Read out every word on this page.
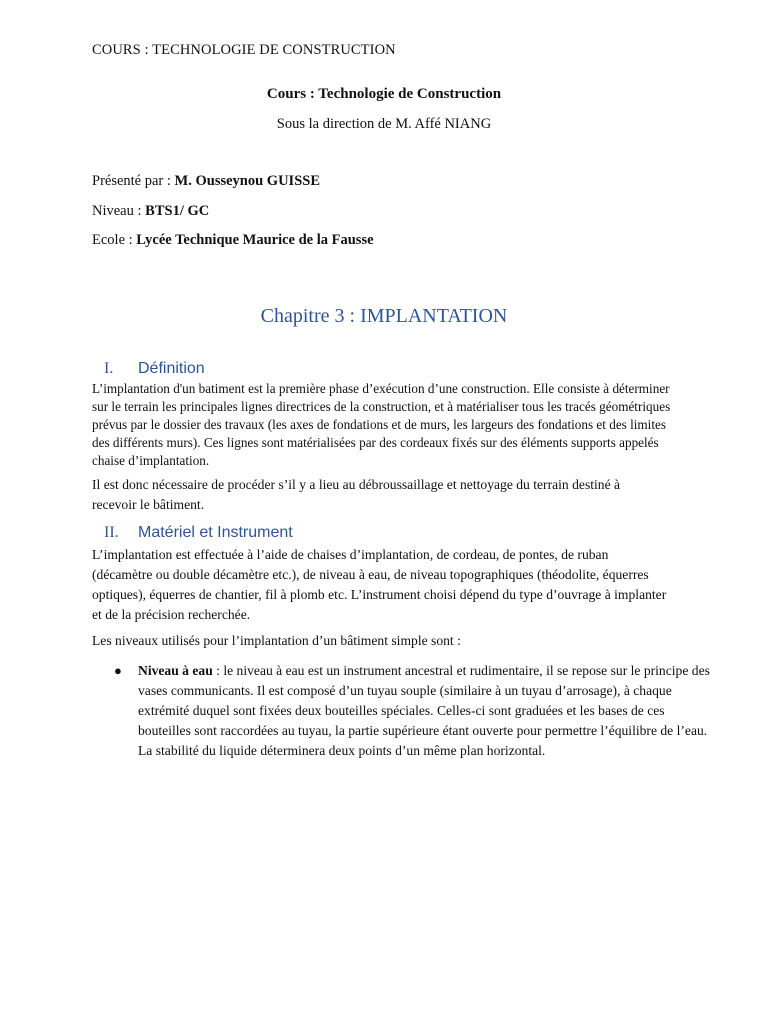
COURS : TECHNOLOGIE DE CONSTRUCTION
Cours : Technologie de Construction
Sous la direction de M. Affé NIANG
Présenté par : M. Ousseynou GUISSE
Niveau : BTS1/ GC
Ecole : Lycée Technique Maurice de la Fausse
Chapitre 3 : IMPLANTATION
I. Définition
L’implantation d'un batiment est la première phase d’exécution d’une construction. Elle consiste à déterminer sur le terrain les principales lignes directrices de la construction, et à matérialiser tous les tracés géométriques prévus par le dossier des travaux (les axes de fondations et de murs, les largeurs des fondations et des limites des différents murs). Ces lignes sont matérialisées par des cordeaux fixés sur des éléments supports appelés chaise d’implantation.
Il est donc nécessaire de procéder s’il y a lieu au débroussaillage et nettoyage du terrain destiné à recevoir le bâtiment.
II. Matériel et Instrument
L’implantation est effectuée à l’aide de chaises d’implantation, de cordeau, de pontes, de ruban (décamètre ou double décamètre etc.), de niveau à eau, de niveau topographiques (théodolite, équerres optiques), équerres de chantier, fil à plomb etc. L’instrument choisi dépend du type d’ouvrage à implanter et de la précision recherchée.
Les niveaux utilisés pour l’implantation d’un bâtiment simple sont :
● Niveau à eau : le niveau à eau est un instrument ancestral et rudimentaire, il se repose sur le principe des vases communicants. Il est composé d’un tuyau souple (similaire à un tuyau d’arrosage), à chaque extrémité duquel sont fixées deux bouteilles spéciales. Celles-ci sont graduées et les bases de ces bouteilles sont raccordées au tuyau, la partie supérieure étant ouverte pour permettre l’équilibre de l’eau. La stabilité du liquide déterminera deux points d’un même plan horizontal.
